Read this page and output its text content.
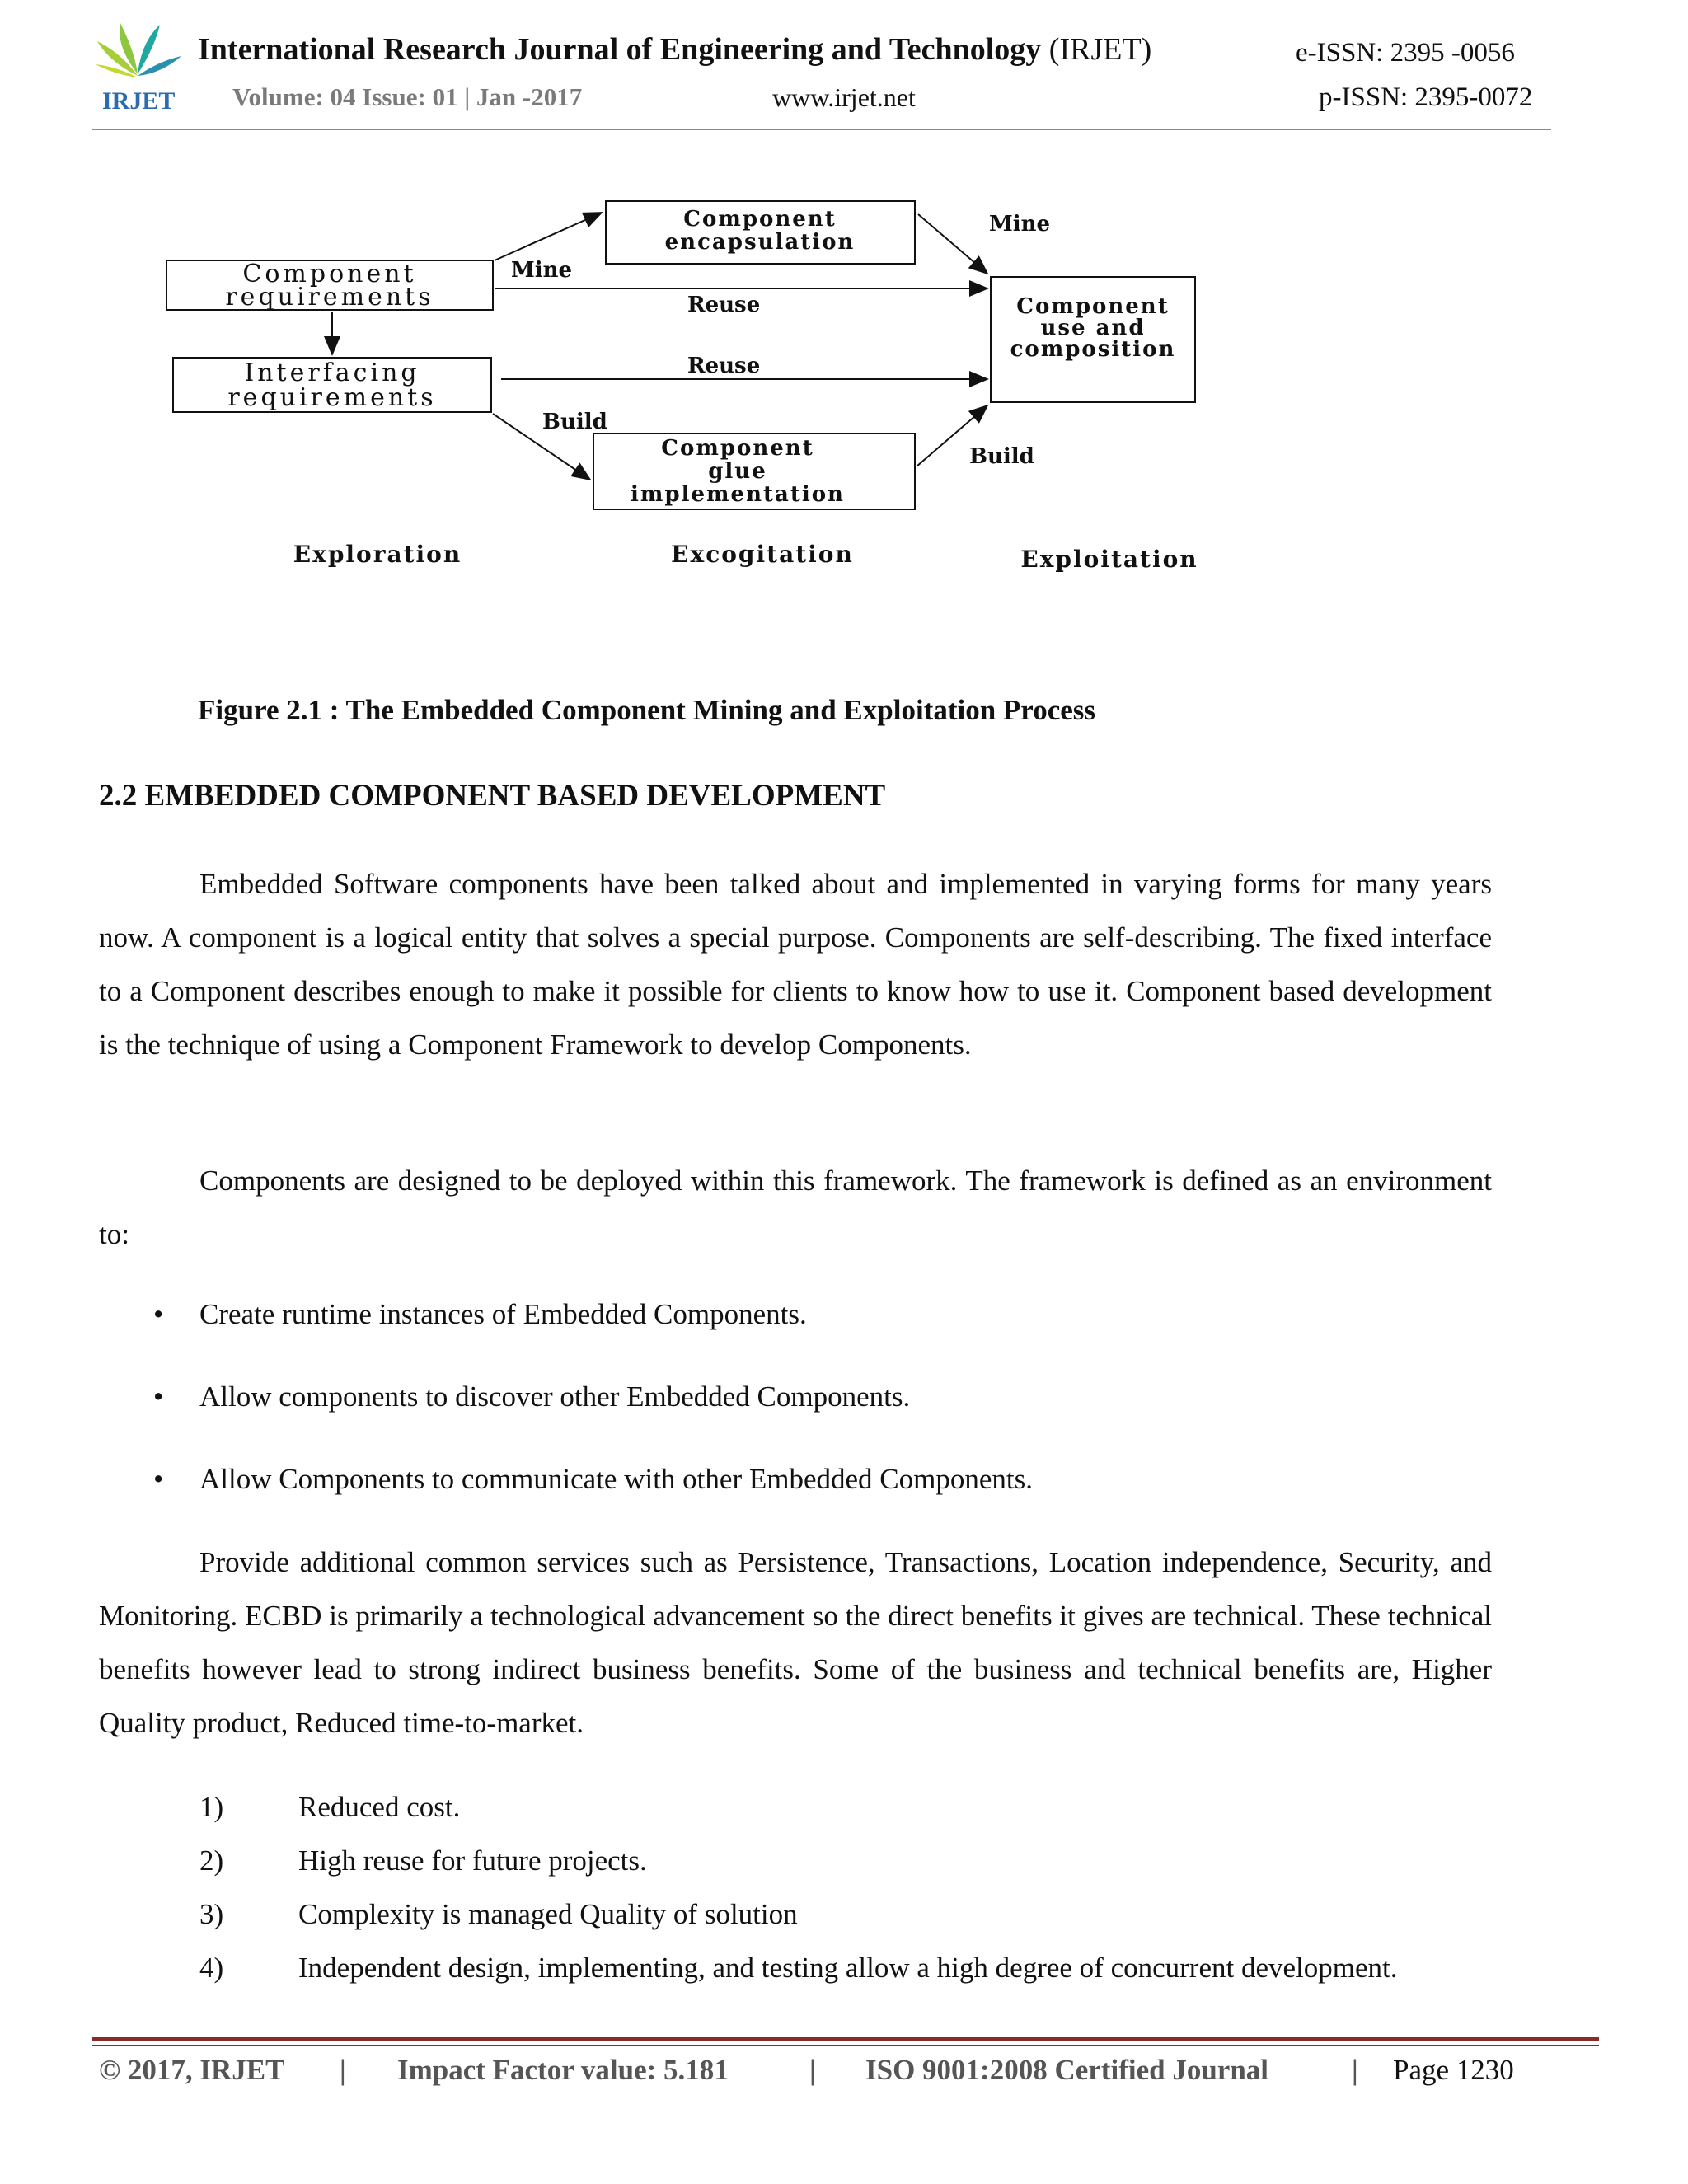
IRJET
International Research Journal of Engineering and Technology (IRJET)	e-ISSN: 2395 -0056
Volume: 04 Issue: 01 | Jan -2017	www.irjet.net	p-ISSN: 2395-0072
Component
requirements
Interfacing
requirements
Component
encapsulation
Component
glue
implementation
Component
use and
composition
Mine
Mine
Reuse
Reuse
Build
Build
Exploration	Excogitation	Exploitation
Figure 2.1 : The Embedded Component Mining and Exploitation Process
2.2 EMBEDDED COMPONENT BASED DEVELOPMENT

Embedded Software components have been talked about and implemented in varying forms for many years now. A component is a logical entity that solves a special purpose. Components are self-describing. The fixed interface to a Component describes enough to make it possible for clients to know how to use it. Component based development is the technique of using a Component Framework to develop Components.

Components are designed to be deployed within this framework. The framework is defined as an environment to:

• Create runtime instances of Embedded Components.
• Allow components to discover other Embedded Components.
• Allow Components to communicate with other Embedded Components.

Provide additional common services such as Persistence, Transactions, Location independence, Security, and Monitoring. ECBD is primarily a technological advancement so the direct benefits it gives are technical. These technical benefits however lead to strong indirect business benefits. Some of the business and technical benefits are, Higher Quality product, Reduced time-to-market.

1)	Reduced cost.
2)	High reuse for future projects.
3)	Complexity is managed Quality of solution
4)	Independent design, implementing, and testing allow a high degree of concurrent development.
© 2017, IRJET | Impact Factor value: 5.181	| ISO 9001:2008 Certified Journal	| Page 1230
